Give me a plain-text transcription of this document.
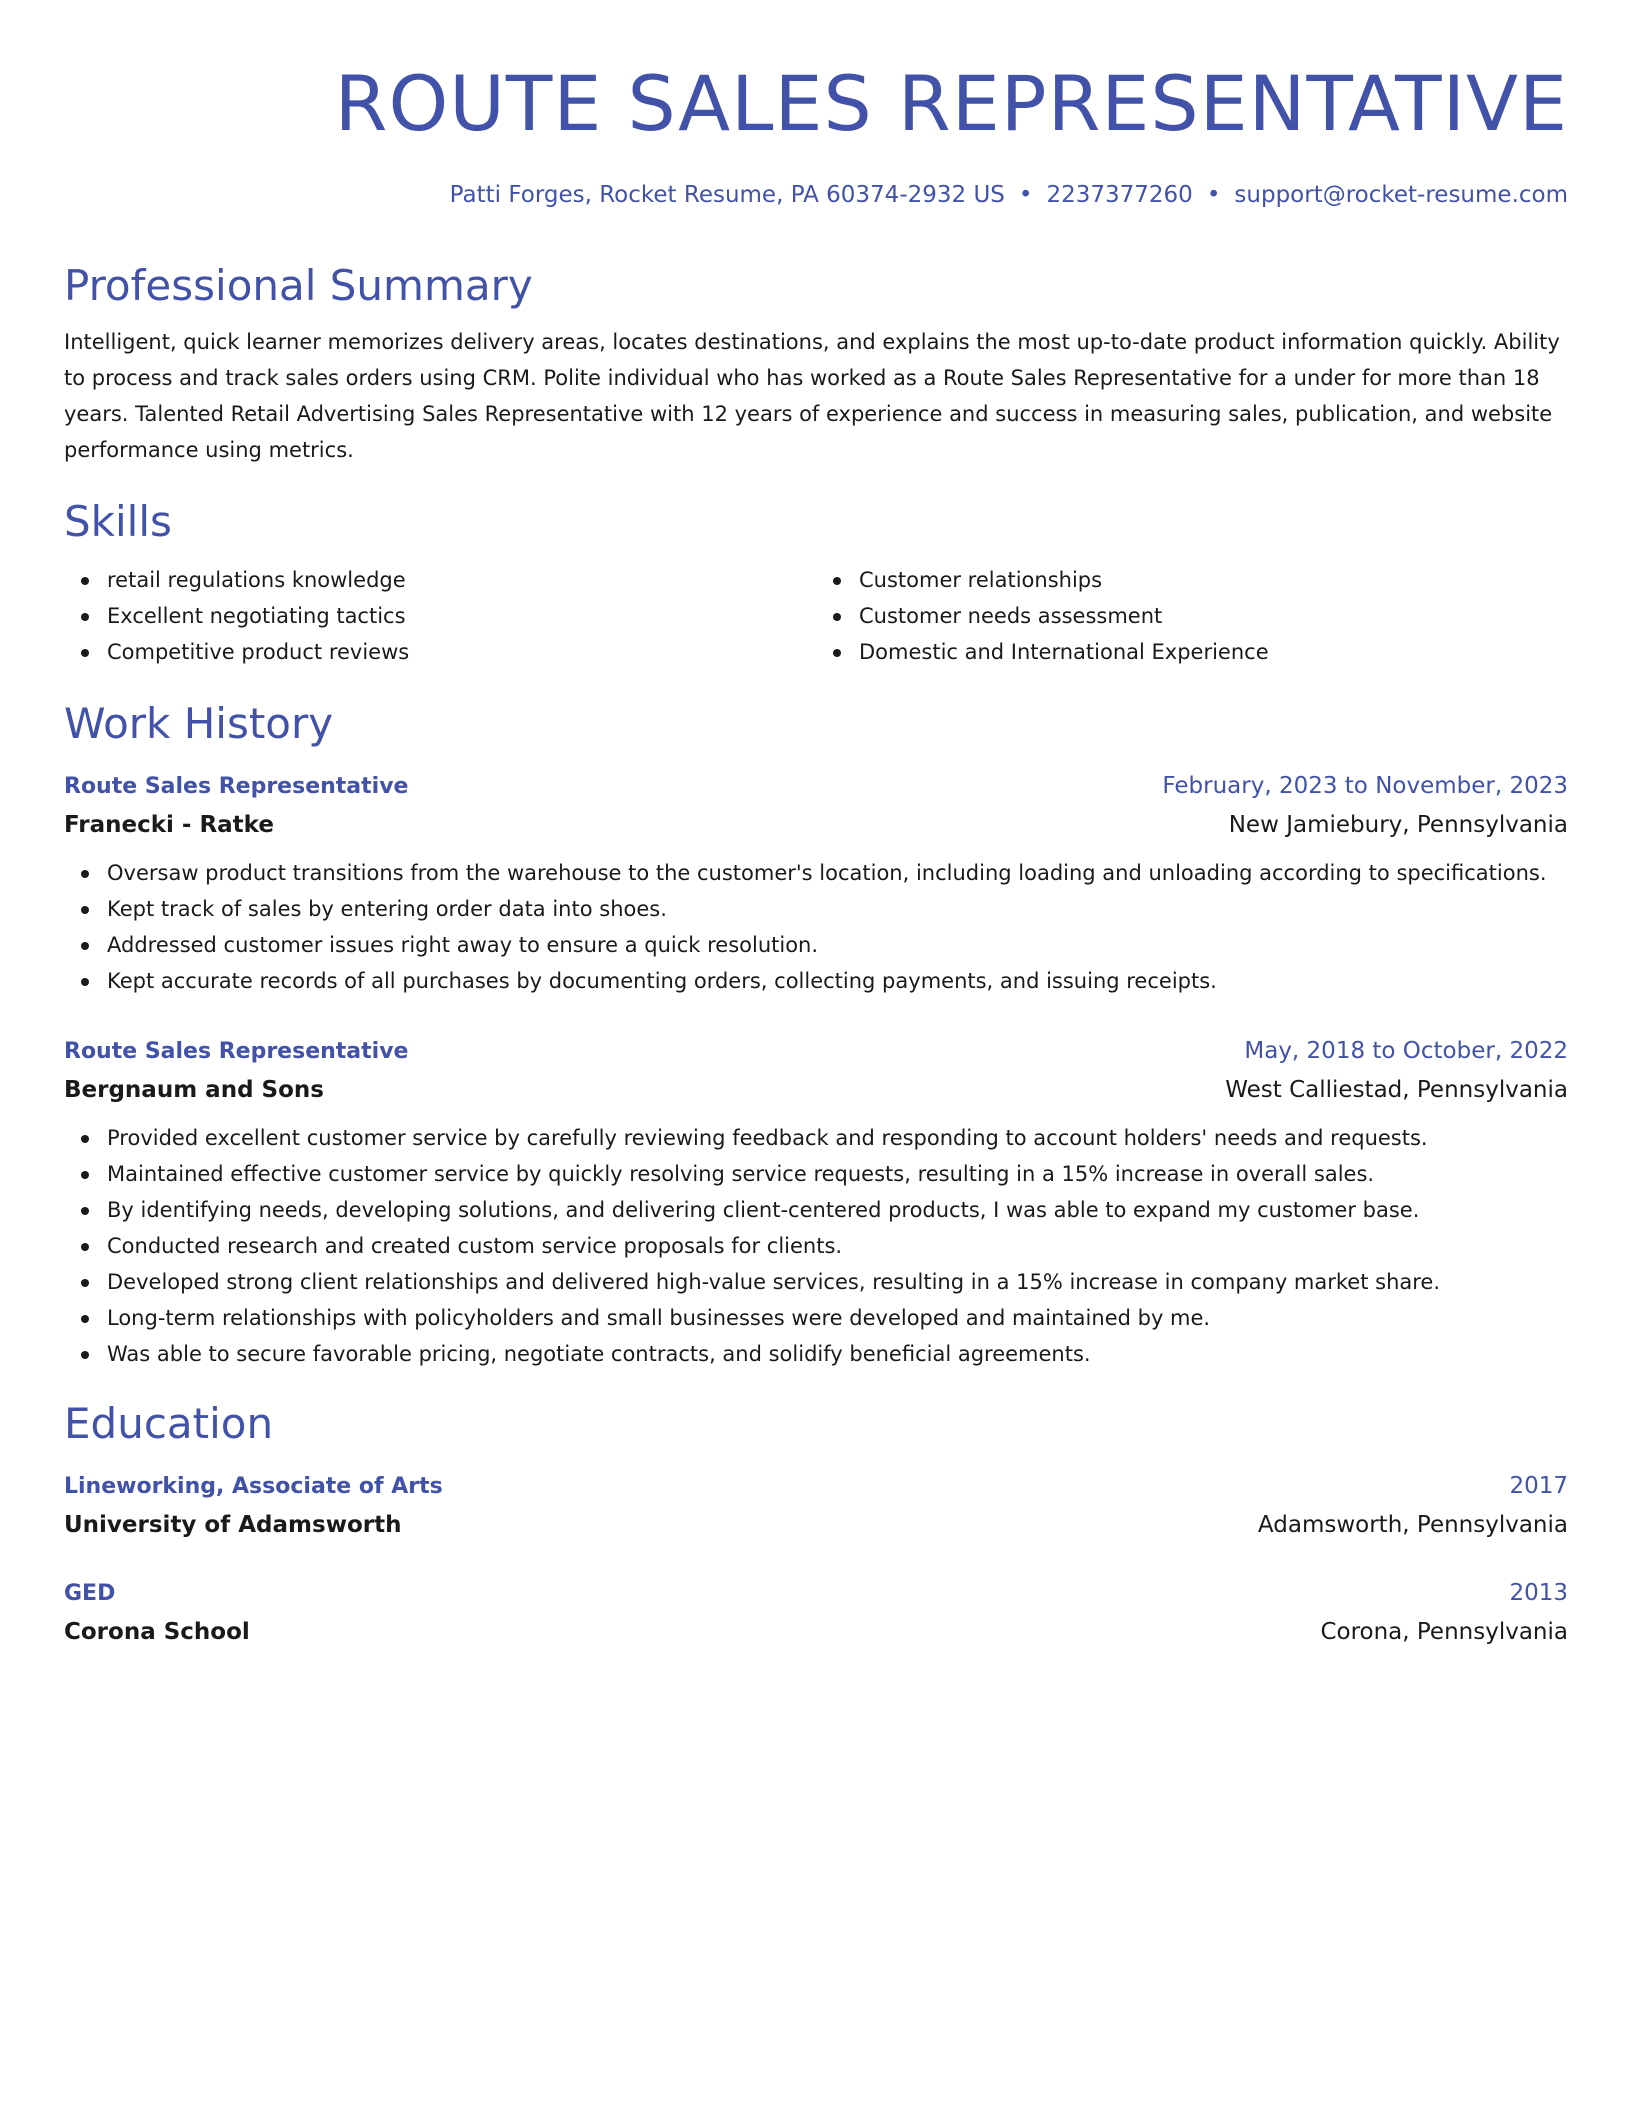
ROUTE SALES REPRESENTATIVE
Patti Forges, Rocket Resume, PA 60374-2932 US • 2237377260 • support@rocket-resume.com
Professional Summary

Intelligent, quick learner memorizes delivery areas, locates destinations, and explains the most up-to-date product information quickly. Ability to process and track sales orders using CRM. Polite individual who has worked as a Route Sales Representative for a under for more than 18 years. Talented Retail Advertising Sales Representative with 12 years of experience and success in measuring sales, publication, and website performance using metrics.

Skills
retail regulations knowledge
Excellent negotiating tactics
Competitive product reviews
Customer relationships
Customer needs assessment
Domestic and International Experience
Work History
Route Sales Representative	February, 2023 to November, 2023
Franecki - Ratke	New Jamiebury, Pennsylvania
Oversaw product transitions from the warehouse to the customer's location, including loading and unloading according to specifications.
Kept track of sales by entering order data into shoes.
Addressed customer issues right away to ensure a quick resolution.
Kept accurate records of all purchases by documenting orders, collecting payments, and issuing receipts.
Route Sales Representative	May, 2018 to October, 2022
Bergnaum and Sons	West Calliestad, Pennsylvania
Provided excellent customer service by carefully reviewing feedback and responding to account holders' needs and requests.
Maintained effective customer service by quickly resolving service requests, resulting in a 15% increase in overall sales.
By identifying needs, developing solutions, and delivering client-centered products, I was able to expand my customer base.
Conducted research and created custom service proposals for clients.
Developed strong client relationships and delivered high-value services, resulting in a 15% increase in company market share.
Long-term relationships with policyholders and small businesses were developed and maintained by me.
Was able to secure favorable pricing, negotiate contracts, and solidify beneficial agreements.
Education
Lineworking, Associate of Arts	2017
University of Adamsworth	Adamsworth, Pennsylvania
GED	2013
Corona School	Corona, Pennsylvania
